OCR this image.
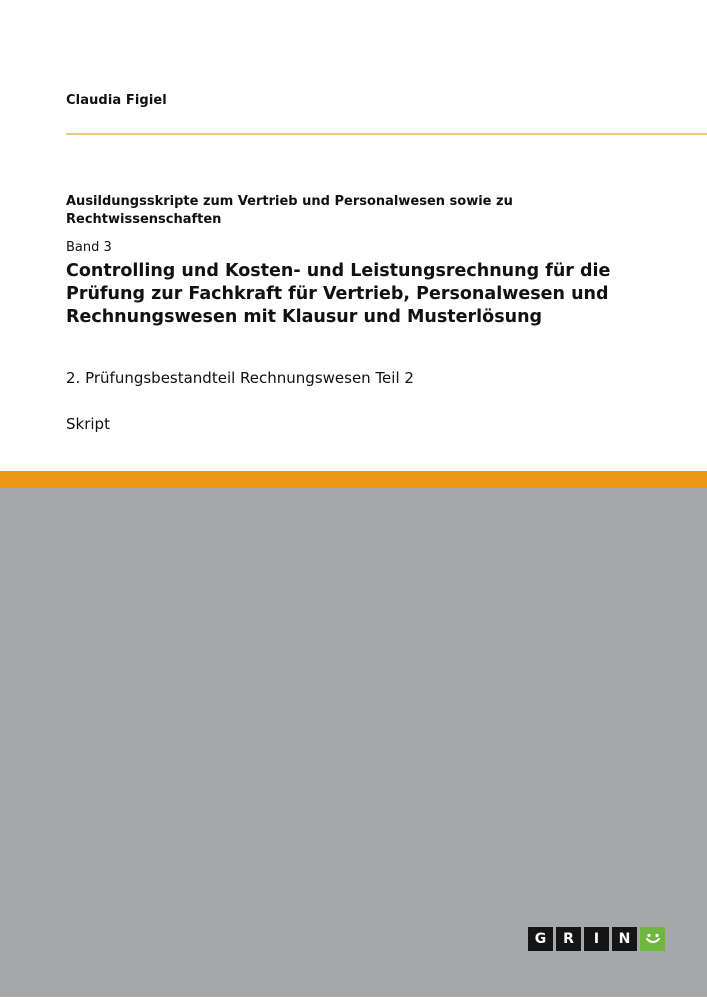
Claudia Figiel
Ausildungsskripte zum Vertrieb und Personalwesen sowie zu Rechtwissenschaften
Band 3
Controlling und Kosten- und Leistungsrechnung für die Prüfung zur Fachkraft für Vertrieb, Personalwesen und Rechnungswesen mit Klausur und Musterlösung
2. Prüfungsbestandteil Rechnungswesen Teil 2
Skript
G	R	I	N
